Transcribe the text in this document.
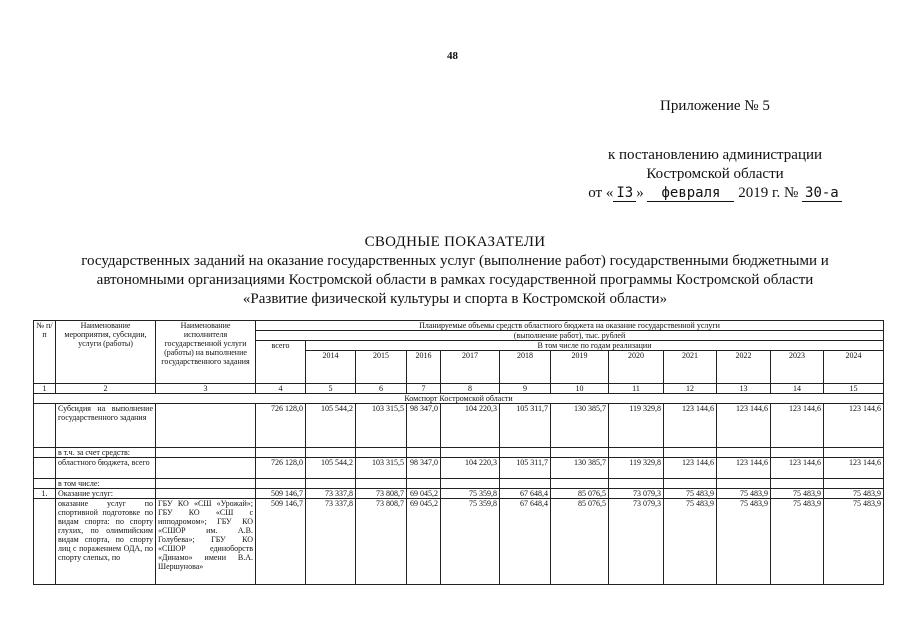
48
Приложение № 5
к постановлению администрации
Костромской области
от « I3 » февраля 2019 г. № 30-а
СВОДНЫЕ ПОКАЗАТЕЛИ
государственных заданий на оказание государственных услуг (выполнение работ) государственными бюджетными и
автономными организациями Костромской области в рамках государственной программы Костромской области
«Развитие физической культуры и спорта в Костромской области»
№ п/п	Наименование мероприятия, субсидии, услуги (работы)	Наименование исполнителя государственной услуги (работы) на выполнение государственного задания	Планируемые объемы средств областного бюджета на оказание государственной услуги											
			(выполнение работ), тыс. рублей											
			всего	В том числе по годам реализации										
				2014	2015	2016	2017	2018	2019	2020	2021	2022	2023	2024
1	2	3	4	5	6	7	8	9	10	11	12	13	14	15
Комспорт Костромской области														
	Субсидия на выполнение государственного задания		726 128,0	105 544,2	103 315,5	98 347,0	104 220,3	105 311,7	130 385,7	119 329,8	123 144,6	123 144,6	123 144,6	123 144,6
	в т.ч. за счет средств:													
	областного бюджета, всего		726 128,0	105 544,2	103 315,5	98 347,0	104 220,3	105 311,7	130 385,7	119 329,8	123 144,6	123 144,6	123 144,6	123 144,6
	в том числе:													
1.	Оказание услуг:		509 146,7	73 337,8	73 808,7	69 045,2	75 359,8	67 648,4	85 076,5	73 079,3	75 483,9	75 483,9	75 483,9	75 483,9
	оказание услуг по спортивной подготовке по видам спорта: по спорту глухих, по олимпийским видам спорта, по спорту лиц с поражением ОДА, по спорту слепых, по	ГБУ КО «СШ «Урожай»; ГБУ КО «СШ с ипподромом»; ГБУ КО «СШОР им. А.В. Голубева»; ГБУ КО «СШОР единоборств «Динамо» имени В.А. Шершунова»	509 146,7	73 337,8	73 808,7	69 045,2	75 359,8	67 648,4	85 076,5	73 079,3	75 483,9	75 483,9	75 483,9	75 483,9
